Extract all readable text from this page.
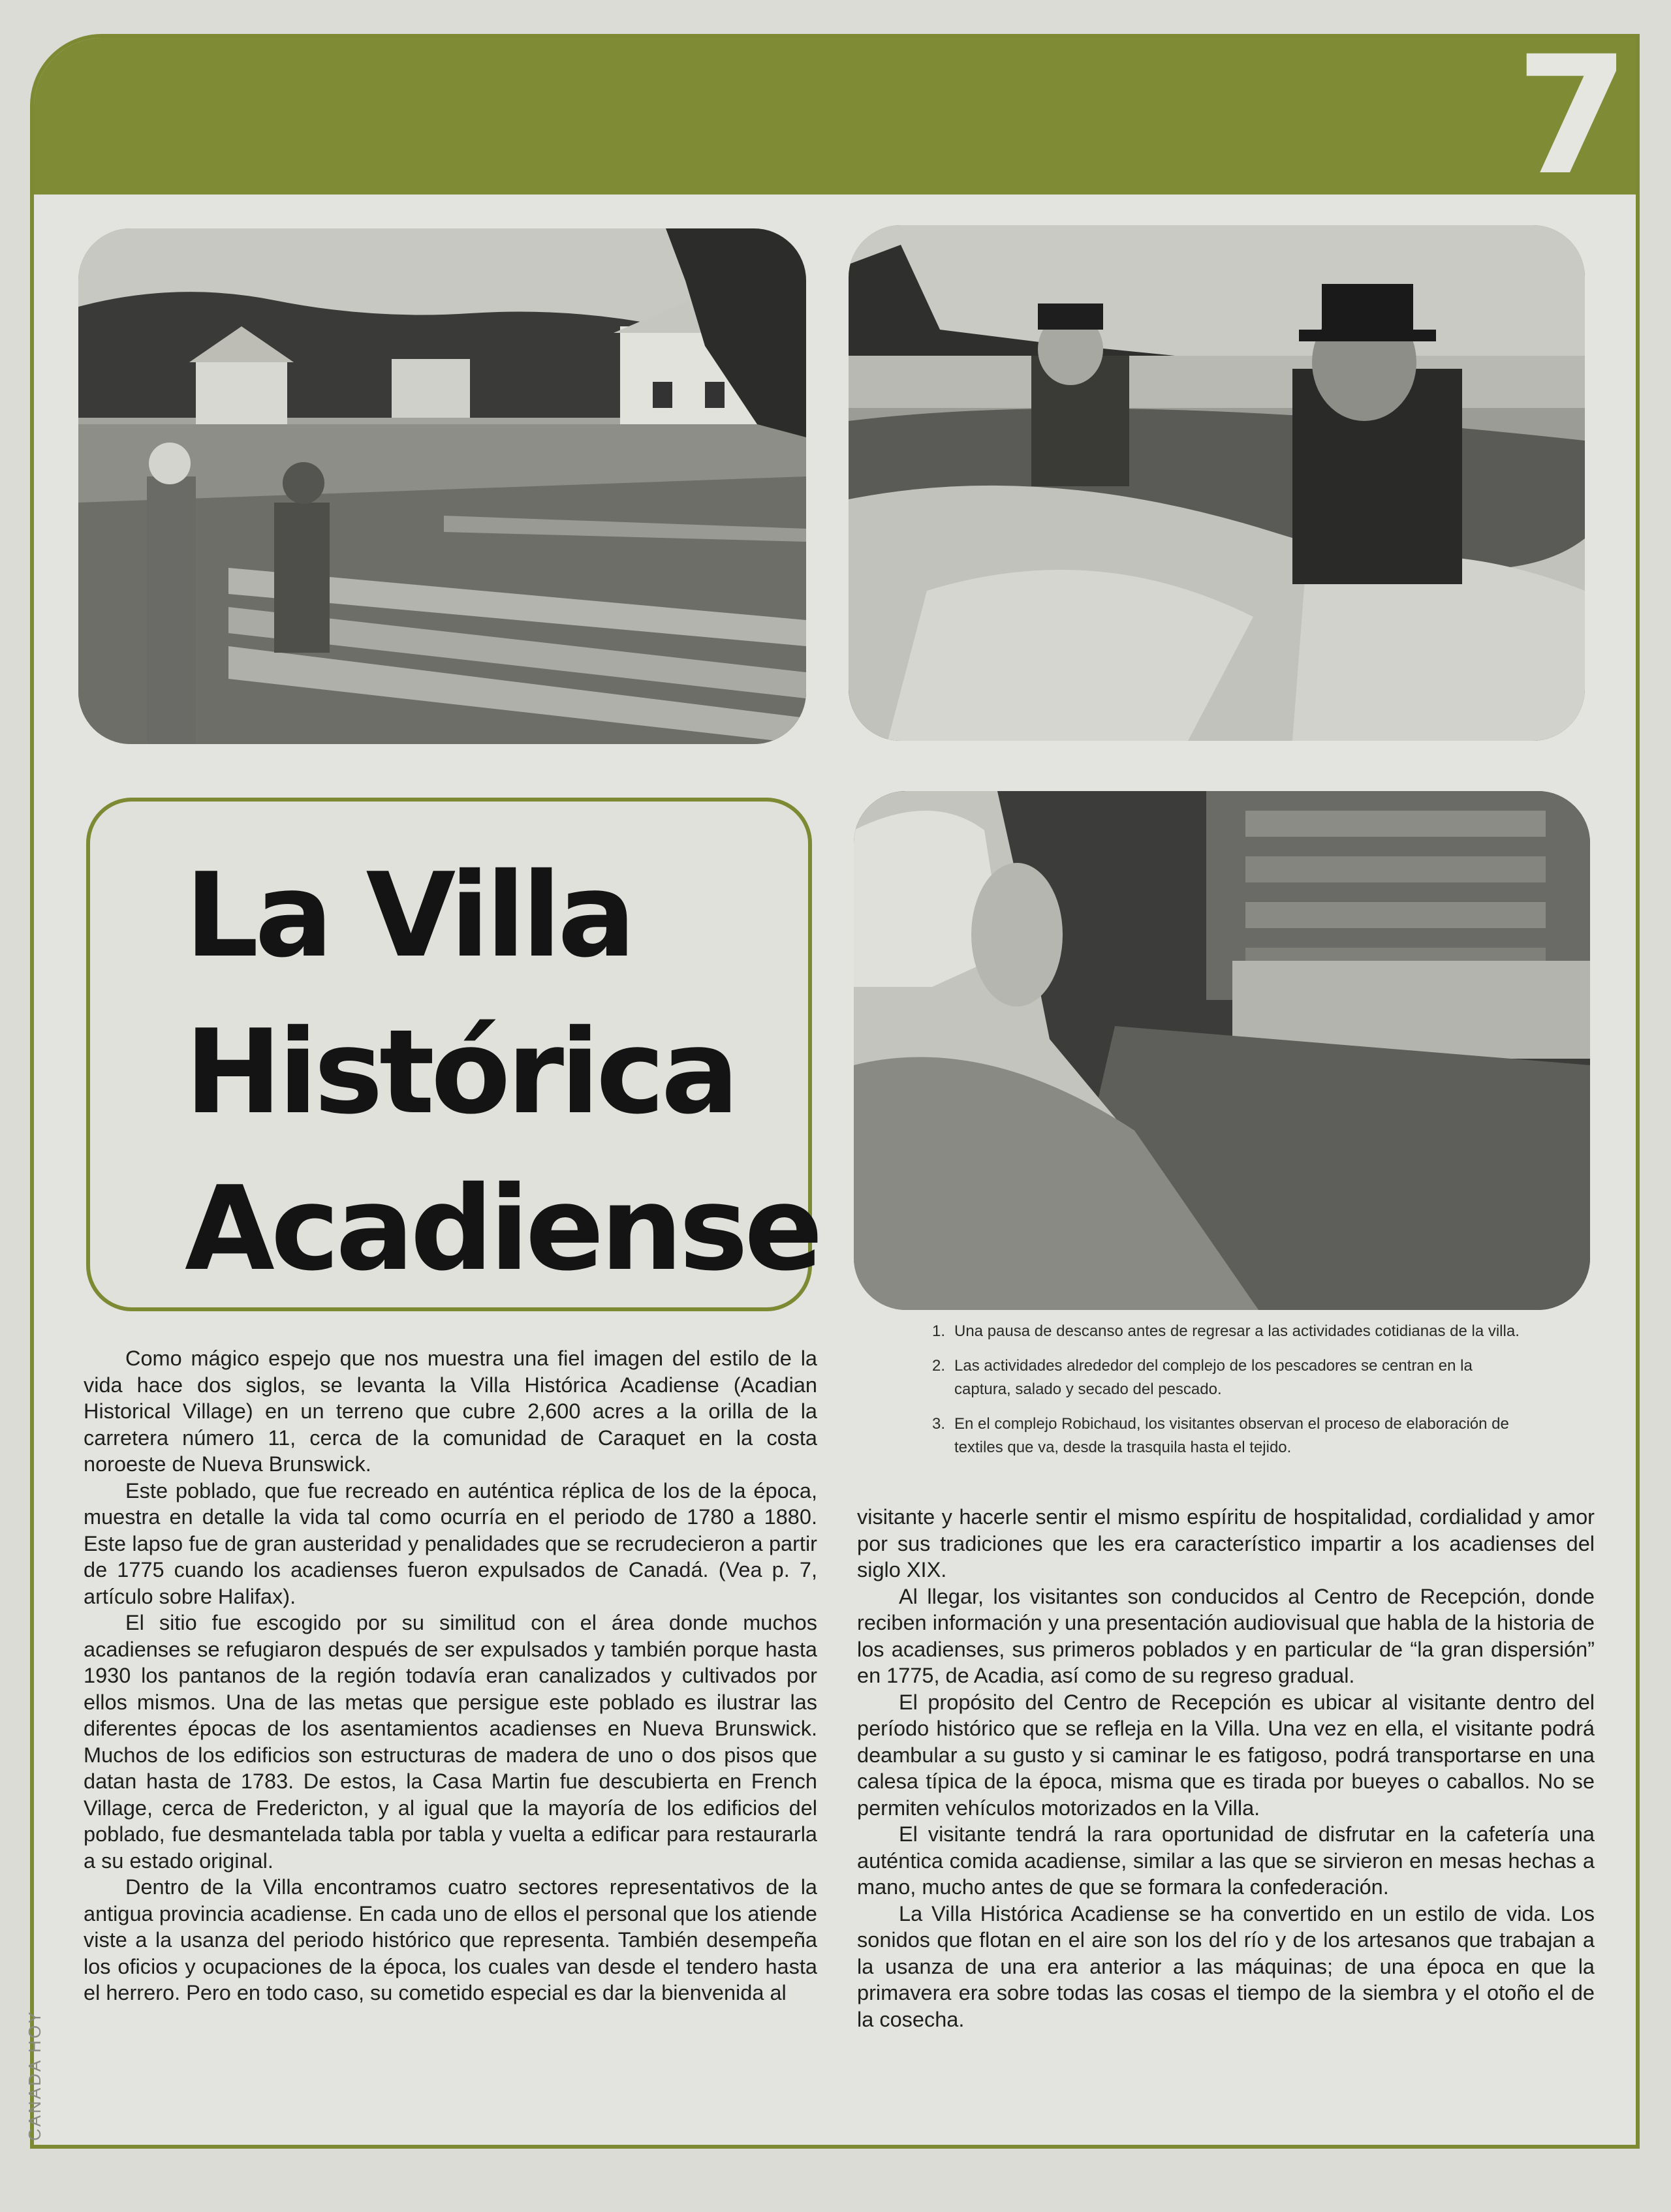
7
La Villa
Histórica
Acadiense
1. Una pausa de descanso antes de regresar a las actividades cotidianas de la villa.
2. Las actividades alrededor del complejo de los pescadores se centran en la captura, salado y secado del pescado.
3. En el complejo Robichaud, los visitantes observan el proceso de elaboración de textiles que va, desde la trasquila hasta el tejido.

Como mágico espejo que nos muestra una fiel imagen del estilo de la vida hace dos siglos, se levanta la Villa Histórica Acadiense (Acadian Historical Village) en un terreno que cubre 2,600 acres a la orilla de la carretera número 11, cerca de la comunidad de Caraquet en la costa noroeste de Nueva Brunswick.

Este poblado, que fue recreado en auténtica réplica de los de la época, muestra en detalle la vida tal como ocurría en el periodo de 1780 a 1880. Este lapso fue de gran austeridad y penalidades que se recrudecieron a partir de 1775 cuando los acadienses fueron expulsados de Canadá. (Vea p. 7, artículo sobre Halifax).

El sitio fue escogido por su similitud con el área donde muchos acadienses se refugiaron después de ser expulsados y también porque hasta 1930 los pantanos de la región todavía eran canalizados y cultivados por ellos mismos. Una de las metas que persigue este poblado es ilustrar las diferentes épocas de los asentamientos acadienses en Nueva Brunswick. Muchos de los edificios son estructuras de madera de uno o dos pisos que datan hasta de 1783. De estos, la Casa Martin fue descubierta en French Village, cerca de Fredericton, y al igual que la mayoría de los edificios del poblado, fue desmantelada tabla por tabla y vuelta a edificar para restaurarla a su estado original.

Dentro de la Villa encontramos cuatro sectores representativos de la antigua provincia acadiense. En cada uno de ellos el personal que los atiende viste a la usanza del periodo histórico que representa. También desempeña los oficios y ocupaciones de la época, los cuales van desde el tendero hasta el herrero. Pero en todo caso, su cometido especial es dar la bienvenida al

visitante y hacerle sentir el mismo espíritu de hospitalidad, cordialidad y amor por sus tradiciones que les era característico impartir a los acadienses del siglo XIX.

Al llegar, los visitantes son conducidos al Centro de Recepción, donde reciben información y una presentación audiovisual que habla de la historia de los acadienses, sus primeros poblados y en particular de “la gran dispersión” en 1775, de Acadia, así como de su regreso gradual.

El propósito del Centro de Recepción es ubicar al visitante dentro del período histórico que se refleja en la Villa. Una vez en ella, el visitante podrá deambular a su gusto y si caminar le es fatigoso, podrá transportarse en una calesa típica de la época, misma que es tirada por bueyes o caballos. No se permiten vehículos motorizados en la Villa.

El visitante tendrá la rara oportunidad de disfrutar en la cafetería una auténtica comida acadiense, similar a las que se sirvieron en mesas hechas a mano, mucho antes de que se formara la confederación.

La Villa Histórica Acadiense se ha convertido en un estilo de vida. Los sonidos que flotan en el aire son los del río y de los artesanos que trabajan a la usanza de una era anterior a las máquinas; de una época en que la primavera era sobre todas las cosas el tiempo de la siembra y el otoño el de la cosecha.

CANADA HOY
